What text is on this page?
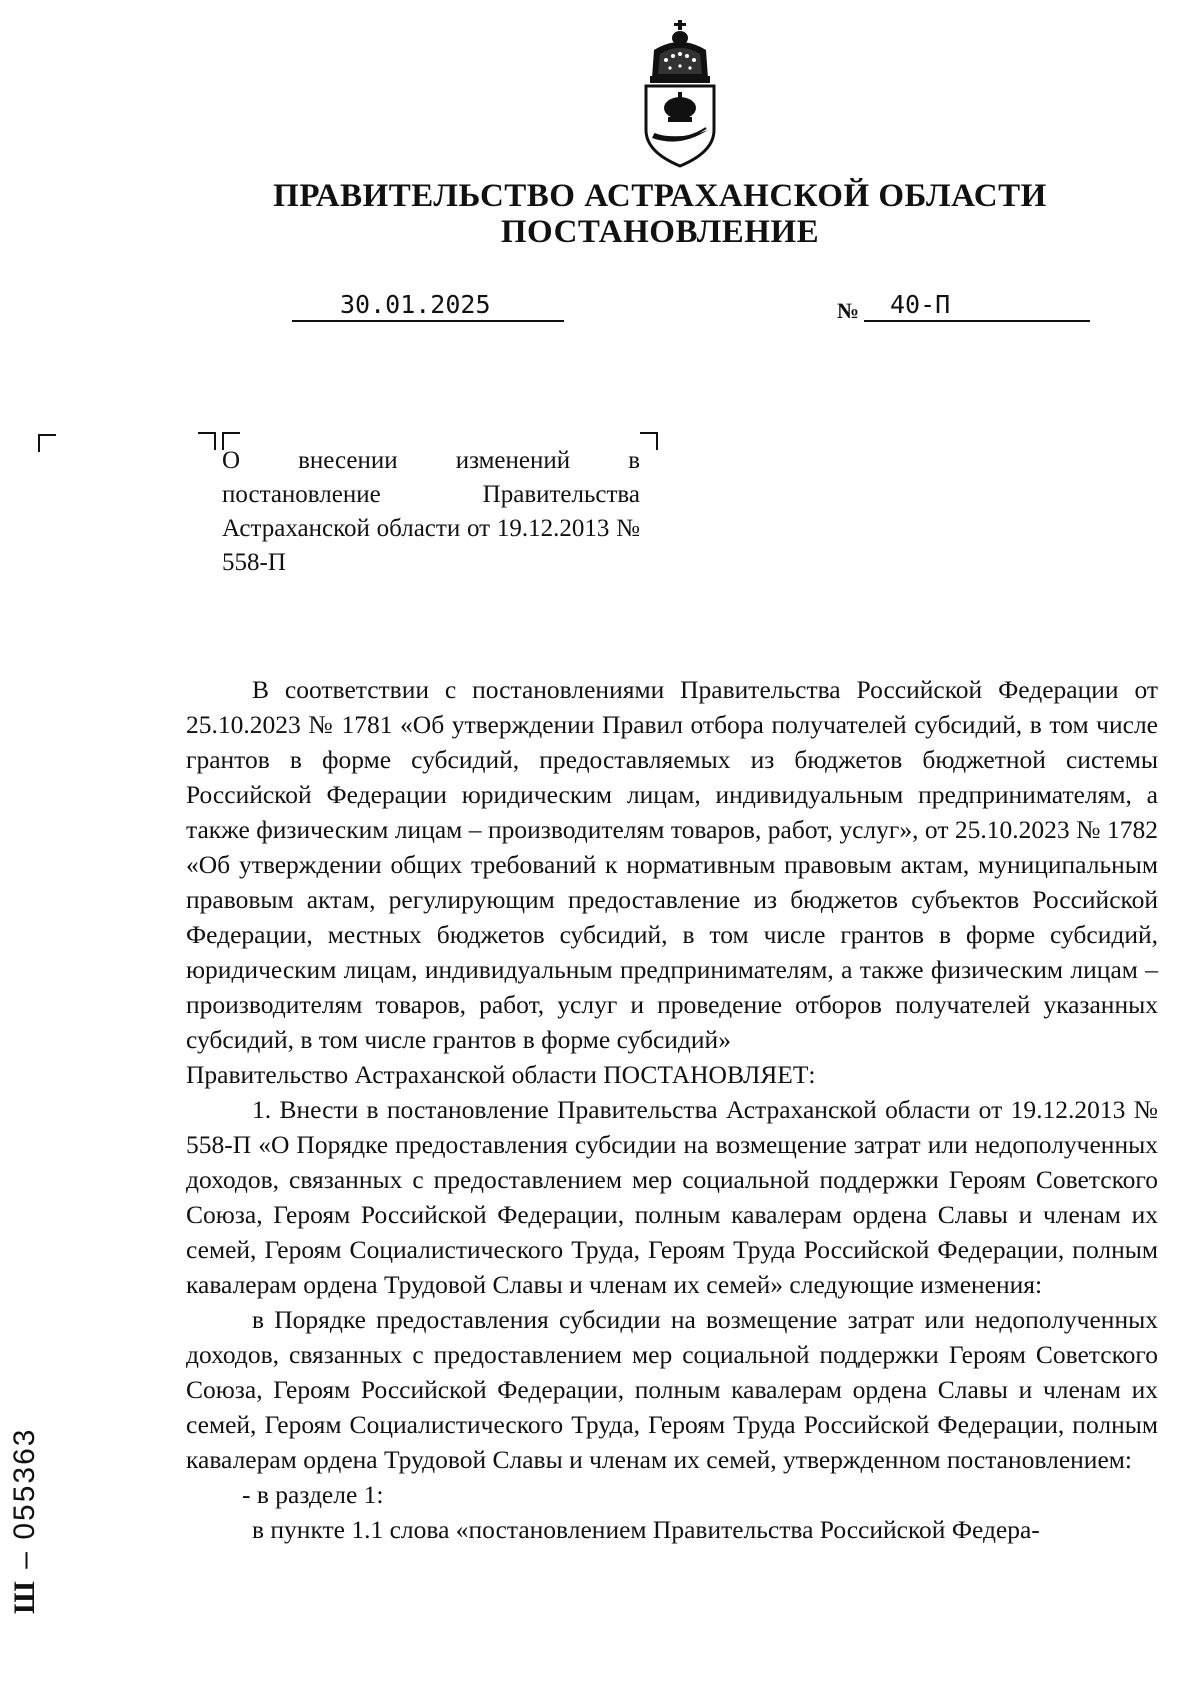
ПРАВИТЕЛЬСТВО АСТРАХАНСКОЙ ОБЛАСТИ
ПОСТАНОВЛЕНИЕ
30.01.2025	№ 40-П
О внесении изменений в постановление Правительства Астраханской области от 19.12.2013 № 558-П

В соответствии с постановлениями Правительства Российской Федерации от 25.10.2023 № 1781 «Об утверждении Правил отбора получателей субсидий, в том числе грантов в форме субсидий, предоставляемых из бюджетов бюджетной системы Российской Федерации юридическим лицам, индивидуальным предпринимателям, а также физическим лицам – производителям товаров, работ, услуг», от 25.10.2023 № 1782 «Об утверждении общих требований к нормативным правовым актам, муниципальным правовым актам, регулирующим предоставление из бюджетов субъектов Российской Федерации, местных бюджетов субсидий, в том числе грантов в форме субсидий, юридическим лицам, индивидуальным предпринимателям, а также физическим лицам – производителям товаров, работ, услуг и проведение отборов получателей указанных субсидий, в том числе грантов в форме субсидий»

Правительство Астраханской области ПОСТАНОВЛЯЕТ:

1. Внести в постановление Правительства Астраханской области от 19.12.2013 № 558-П «О Порядке предоставления субсидии на возмещение затрат или недополученных доходов, связанных с предоставлением мер социальной поддержки Героям Советского Союза, Героям Российской Федерации, полным кавалерам ордена Славы и членам их семей, Героям Социалистического Труда, Героям Труда Российской Федерации, полным кавалерам ордена Трудовой Славы и членам их семей» следующие изменения:

в Порядке предоставления субсидии на возмещение затрат или недополученных доходов, связанных с предоставлением мер социальной поддержки Героям Советского Союза, Героям Российской Федерации, полным кавалерам ордена Славы и членам их семей, Героям Социалистического Труда, Героям Труда Российской Федерации, полным кавалерам ордена Трудовой Славы и членам их семей, утвержденном постановлением:

- в разделе 1:

в пункте 1.1 слова «постановлением Правительства Российской Федера-

Ш – 055363
